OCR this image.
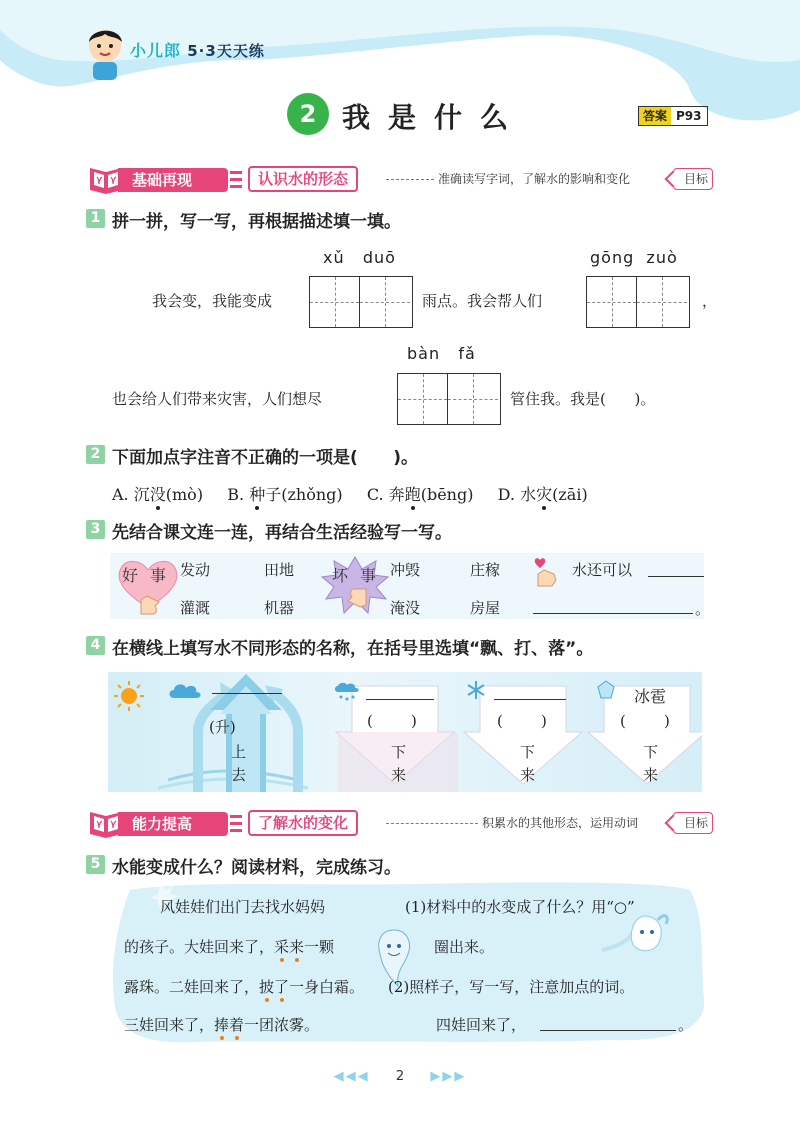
小儿郎 5·3天天练
2 我是什么	答案 P93
基础再现	认识水的形态	准确读写字词，了解水的影响和变化	目标
1 拼一拼，写一写，再根据描述填一填。
xǔ   duō	gōng  zuò
我会变，我能变成	雨点。我会帮人们	，
bàn   fǎ
也会给人们带来灾害，人们想尽	管住我。我是(      )。
2 下面加点字注音不正确的一项是(      )。
A. 沉没(mò) B. 种子(zhǒng) C. 奔跑(bēng) D. 水灾(zāi)
3 先结合课文连一连，再结合生活经验写一写。
好 事 发动
灌溉
田地
机器
坏 事 冲毁
淹没
庄稼
房屋
水还可以
。
4 在横线上填写水不同形态的名称，在括号里选填“飘、打、落”。
(升)
上
去
(        )
下
来
(        )
下
来
冰雹
(        )
下
来
能力提高	了解水的变化	积累水的其他形态，运用动词	目标
5 水能变成什么？阅读材料，完成练习。
风娃娃们出门去找水妈妈
的孩子。大娃回来了，采来一颗
露珠。二娃回来了，披了一身白霜。
三娃回来了，捧着一团浓雾。
(1)材料中的水变成了什么？用“○”
圈出来。
(2)照样子，写一写，注意加点的词。
四娃回来了，	。
◀◀◀ 2 ▶▶▶
